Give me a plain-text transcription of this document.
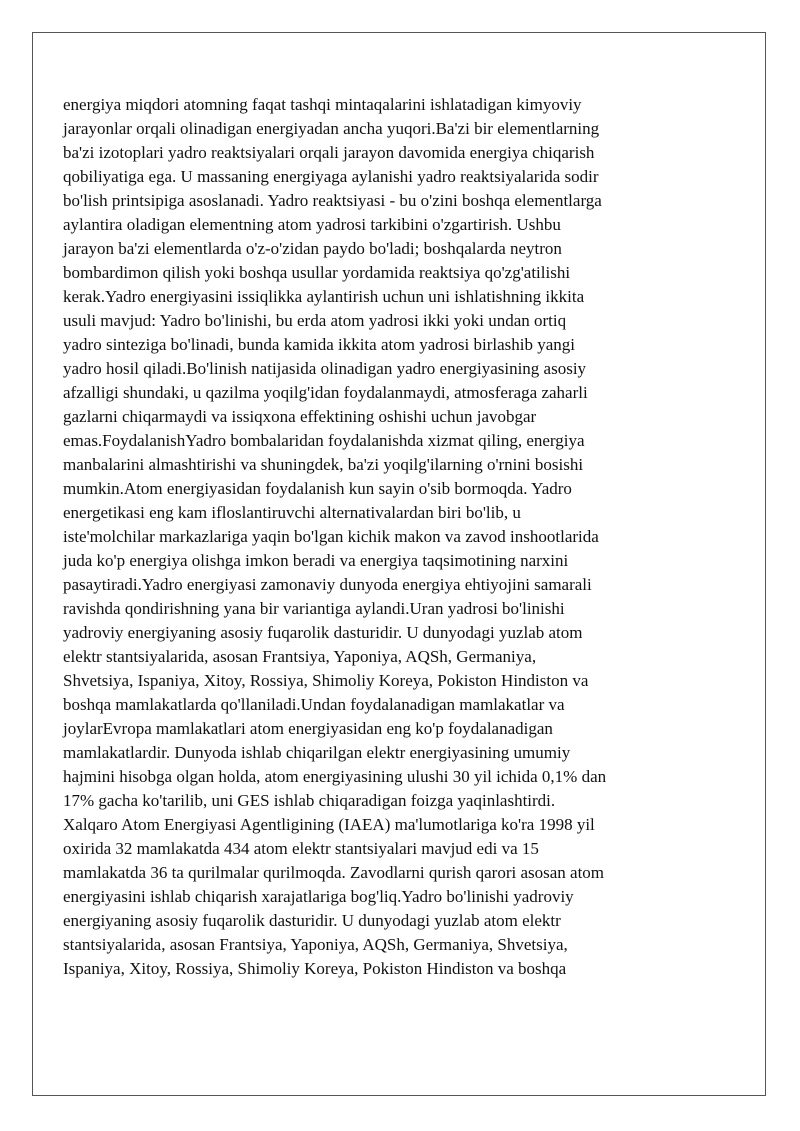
energiya miqdori atomning faqat tashqi mintaqalarini ishlatadigan kimyoviy
jarayonlar orqali olinadigan energiyadan ancha yuqori.Ba'zi bir elementlarning
ba'zi izotoplari yadro reaktsiyalari orqali jarayon davomida energiya chiqarish
qobiliyatiga ega. U massaning energiyaga aylanishi yadro reaktsiyalarida sodir
bo'lish printsipiga asoslanadi. Yadro reaktsiyasi - bu o'zini boshqa elementlarga
aylantira oladigan elementning atom yadrosi tarkibini o'zgartirish. Ushbu
jarayon ba'zi elementlarda o'z-o'zidan paydo bo'ladi; boshqalarda neytron
bombardimon qilish yoki boshqa usullar yordamida reaktsiya qo'zg'atilishi
kerak.Yadro energiyasini issiqlikka aylantirish uchun uni ishlatishning ikkita
usuli mavjud: Yadro bo'linishi, bu erda atom yadrosi ikki yoki undan ortiq
yadro sinteziga bo'linadi, bunda kamida ikkita atom yadrosi birlashib yangi
yadro hosil qiladi.Bo'linish natijasida olinadigan yadro energiyasining asosiy
afzalligi shundaki, u qazilma yoqilg'idan foydalanmaydi, atmosferaga zaharli
gazlarni chiqarmaydi va issiqxona effektining oshishi uchun javobgar
emas.FoydalanishYadro bombalaridan foydalanishda xizmat qiling, energiya
manbalarini almashtirishi va shuningdek, ba'zi yoqilg'ilarning o'rnini bosishi
mumkin.Atom energiyasidan foydalanish kun sayin o'sib bormoqda. Yadro
energetikasi eng kam ifloslantiruvchi alternativalardan biri bo'lib, u
iste'molchilar markazlariga yaqin bo'lgan kichik makon va zavod inshootlarida
juda ko'p energiya olishga imkon beradi va energiya taqsimotining narxini
pasaytiradi.Yadro energiyasi zamonaviy dunyoda energiya ehtiyojini samarali
ravishda qondirishning yana bir variantiga aylandi.Uran yadrosi bo'linishi
yadroviy energiyaning asosiy fuqarolik dasturidir. U dunyodagi yuzlab atom
elektr stantsiyalarida, asosan Frantsiya, Yaponiya, AQSh, Germaniya,
Shvetsiya, Ispaniya, Xitoy, Rossiya, Shimoliy Koreya, Pokiston Hindiston va
boshqa mamlakatlarda qo'llaniladi.Undan foydalanadigan mamlakatlar va
joylarEvropa mamlakatlari atom energiyasidan eng ko'p foydalanadigan
mamlakatlardir. Dunyoda ishlab chiqarilgan elektr energiyasining umumiy
hajmini hisobga olgan holda, atom energiyasining ulushi 30 yil ichida 0,1% dan
17% gacha ko'tarilib, uni GES ishlab chiqaradigan foizga yaqinlashtirdi.
Xalqaro Atom Energiyasi Agentligining (IAEA) ma'lumotlariga ko'ra 1998 yil
oxirida 32 mamlakatda 434 atom elektr stantsiyalari mavjud edi va 15
mamlakatda 36 ta qurilmalar qurilmoqda. Zavodlarni qurish qarori asosan atom
energiyasini ishlab chiqarish xarajatlariga bog'liq.Yadro bo'linishi yadroviy
energiyaning asosiy fuqarolik dasturidir. U dunyodagi yuzlab atom elektr
stantsiyalarida, asosan Frantsiya, Yaponiya, AQSh, Germaniya, Shvetsiya,
Ispaniya, Xitoy, Rossiya, Shimoliy Koreya, Pokiston Hindiston va boshqa
